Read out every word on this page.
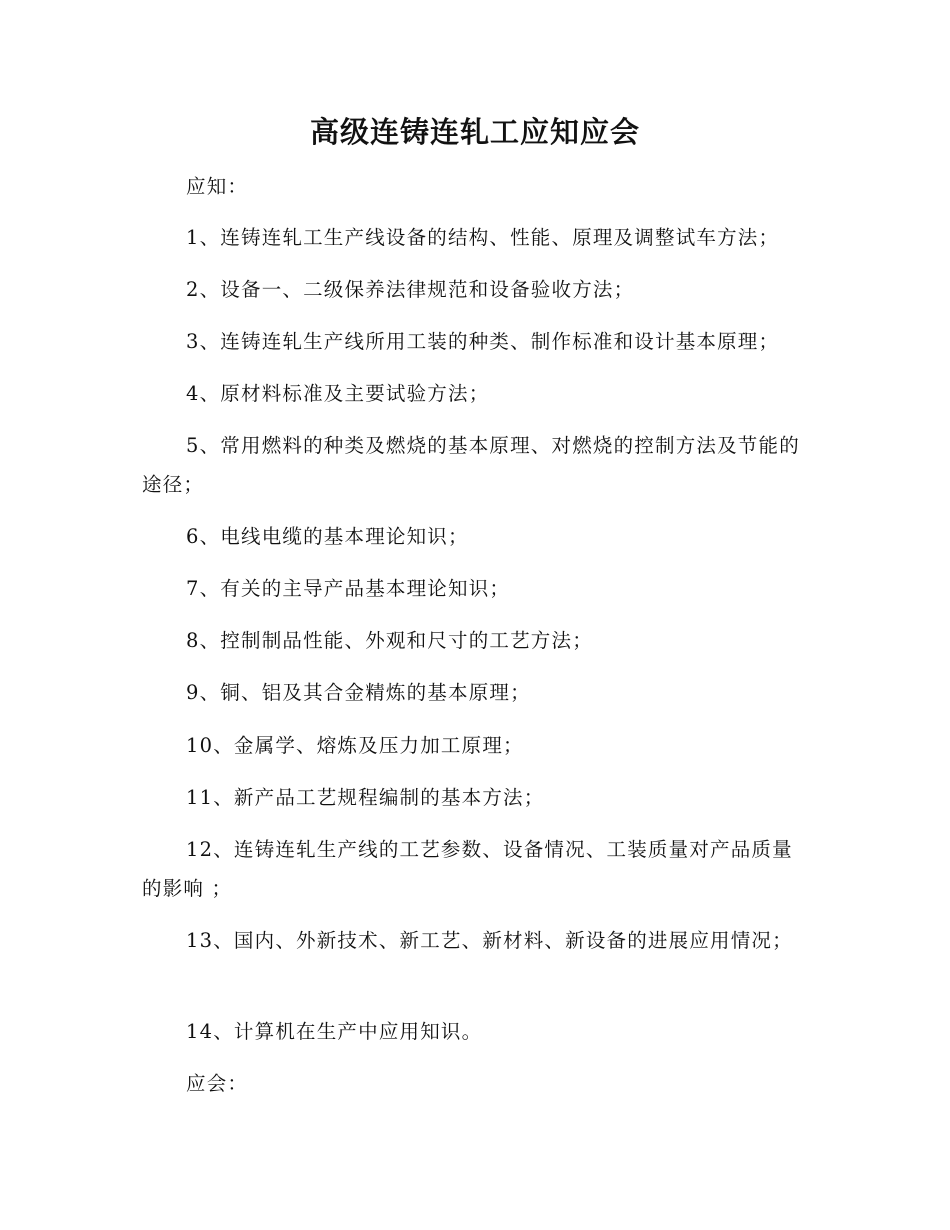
高级连铸连轧工应知应会

应知：

1、连铸连轧工生产线设备的结构、性能、原理及调整试车方法；

2、设备一、二级保养法律规范和设备验收方法；

3、连铸连轧生产线所用工装的种类、制作标准和设计基本原理；

4、原材料标准及主要试验方法；

5、常用燃料的种类及燃烧的基本原理、对燃烧的控制方法及节能的途径；

6、电线电缆的基本理论知识；

7、有关的主导产品基本理论知识；

8、控制制品性能、外观和尺寸的工艺方法；

9、铜、铝及其合金精炼的基本原理；

10、金属学、熔炼及压力加工原理；

11、新产品工艺规程编制的基本方法；

12、连铸连轧生产线的工艺参数、设备情况、工装质量对产品质量的影响 ；

13、国内、外新技术、新工艺、新材料、新设备的进展应用情况；

14、计算机在生产中应用知识。

应会：
